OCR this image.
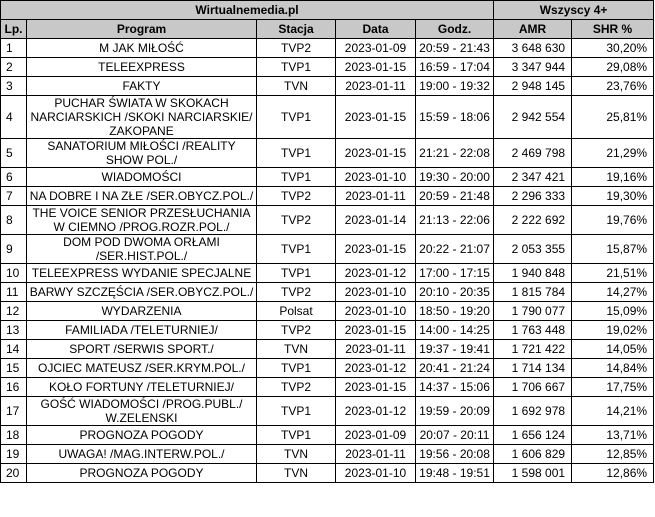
Wirtualnemedia.pl					Wszyscy 4+	
Lp.	Program	Stacja	Data	Godz.	AMR	SHR %
1	M JAK MIŁOŚĆ	TVP2	2023-01-09	20:59 - 21:43	3 648 630	30,20%
2	TELEEXPRESS	TVP1	2023-01-15	16:59 - 17:04	3 347 944	29,08%
3	FAKTY	TVN	2023-01-11	19:00 - 19:32	2 948 145	23,76%
4	PUCHAR ŚWIATA W SKOKACH NARCIARSKICH /SKOKI NARCIARSKIE/ ZAKOPANE	TVP1	2023-01-15	15:59 - 18:06	2 942 554	25,81%
5	SANATORIUM MIŁOŚCI /REALITY SHOW POL./	TVP1	2023-01-15	21:21 - 22:08	2 469 798	21,29%
6	WIADOMOŚCI	TVP1	2023-01-10	19:30 - 20:00	2 347 421	19,16%
7	NA DOBRE I NA ZŁE /SER.OBYCZ.POL./	TVP2	2023-01-11	20:59 - 21:48	2 296 333	19,30%
8	THE VOICE SENIOR PRZESŁUCHANIA W CIEMNO /PROG.ROZR.POL./	TVP2	2023-01-14	21:13 - 22:06	2 222 692	19,76%
9	DOM POD DWOMA ORŁAMI /SER.HIST.POL./	TVP1	2023-01-15	20:22 - 21:07	2 053 355	15,87%
10	TELEEXPRESS WYDANIE SPECJALNE	TVP1	2023-01-12	17:00 - 17:15	1 940 848	21,51%
11	BARWY SZCZĘŚCIA /SER.OBYCZ.POL./	TVP2	2023-01-10	20:10 - 20:35	1 815 784	14,27%
12	WYDARZENIA	Polsat	2023-01-10	18:50 - 19:20	1 790 077	15,09%
13	FAMILIADA /TELETURNIEJ/	TVP2	2023-01-15	14:00 - 14:25	1 763 448	19,02%
14	SPORT /SERWIS SPORT./	TVN	2023-01-11	19:37 - 19:41	1 721 422	14,05%
15	OJCIEC MATEUSZ /SER.KRYM.POL./	TVP1	2023-01-12	20:41 - 21:24	1 714 134	14,84%
16	KOŁO FORTUNY /TELETURNIEJ/	TVP2	2023-01-15	14:37 - 15:06	1 706 667	17,75%
17	GOŚĆ WIADOMOŚCI /PROG.PUBL./ W.ZELENSKI	TVP1	2023-01-12	19:59 - 20:09	1 692 978	14,21%
18	PROGNOZA POGODY	TVP1	2023-01-09	20:07 - 20:11	1 656 124	13,71%
19	UWAGA! /MAG.INTERW.POL./	TVN	2023-01-11	19:56 - 20:08	1 606 829	12,85%
20	PROGNOZA POGODY	TVN	2023-01-10	19:48 - 19:51	1 598 001	12,86%
